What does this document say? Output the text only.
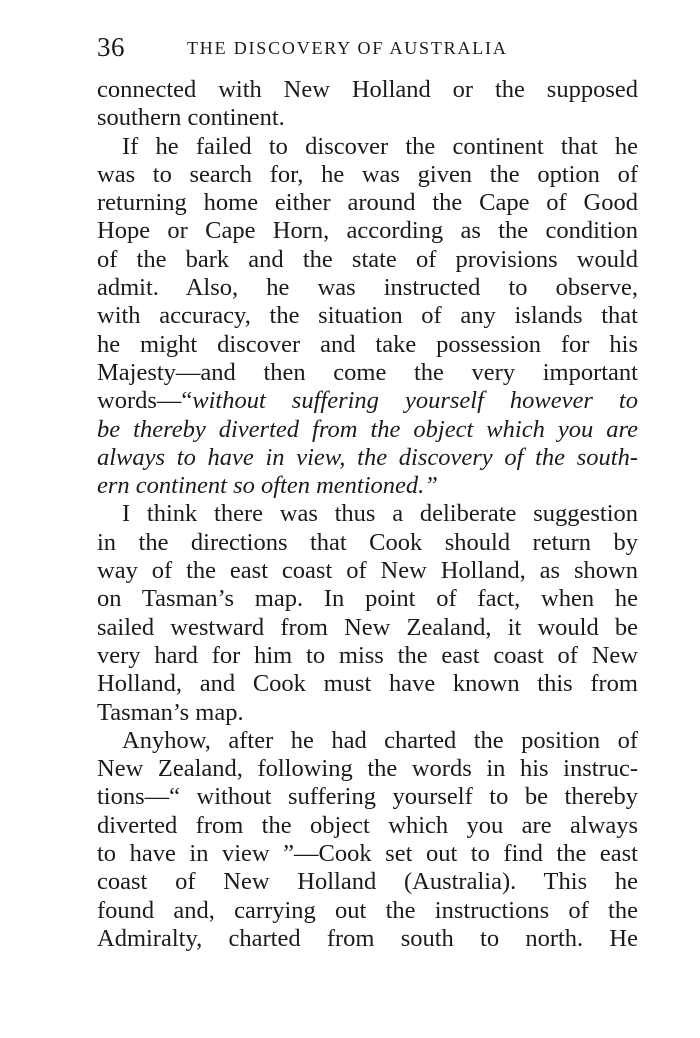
36	THE DISCOVERY OF AUSTRALIA
connected with New Holland or the supposed
southern continent.
If he failed to discover the continent that he
was to search for, he was given the option of
returning home either around the Cape of Good
Hope or Cape Horn, according as the condition
of the bark and the state of provisions would
admit. Also, he was instructed to observe,
with accuracy, the situation of any islands that
he might discover and take possession for his
Majesty—and then come the very important
words—“without suffering yourself however to
be thereby diverted from the object which you are
always to have in view, the discovery of the south-
ern continent so often mentioned.”
I think there was thus a deliberate suggestion
in the directions that Cook should return by
way of the east coast of New Holland, as shown
on Tasman’s map. In point of fact, when he
sailed westward from New Zealand, it would be
very hard for him to miss the east coast of New
Holland, and Cook must have known this from
Tasman’s map.
Anyhow, after he had charted the position of
New Zealand, following the words in his instruc-
tions—“ without suffering yourself to be thereby
diverted from the object which you are always
to have in view ”—Cook set out to find the east
coast of New Holland (Australia). This he
found and, carrying out the instructions of the
Admiralty, charted from south to north. He
